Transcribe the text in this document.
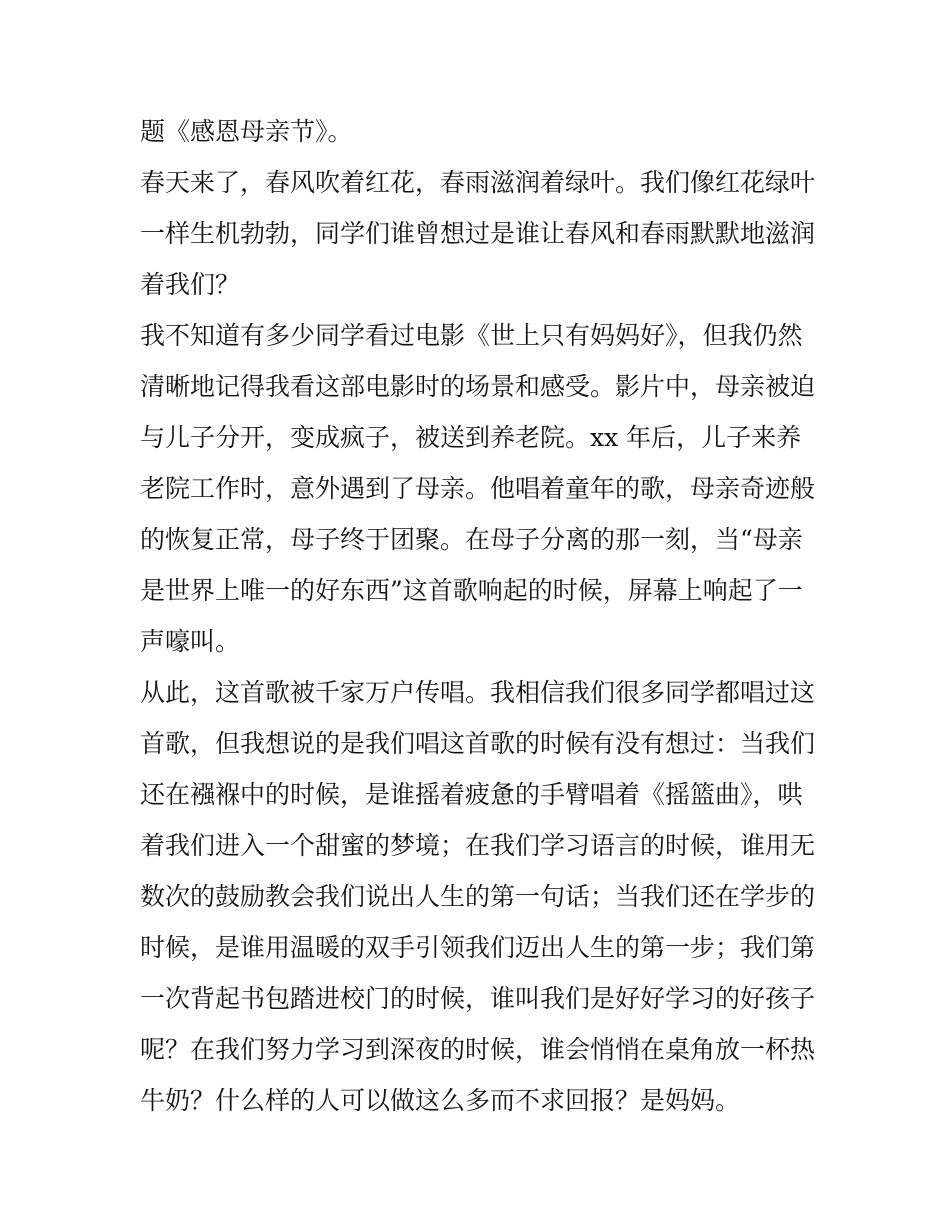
题《感恩母亲节》。

春天来了，春风吹着红花，春雨滋润着绿叶。我们像红花绿叶

一样生机勃勃，同学们谁曾想过是谁让春风和春雨默默地滋润

着我们？

我不知道有多少同学看过电影《世上只有妈妈好》，但我仍然

清晰地记得我看这部电影时的场景和感受。影片中，母亲被迫

与儿子分开，变成疯子，被送到养老院。xx 年后，儿子来养

老院工作时，意外遇到了母亲。他唱着童年的歌，母亲奇迹般

的恢复正常，母子终于团聚。在母子分离的那一刻，当“母亲

是世界上唯一的好东西”这首歌响起的时候，屏幕上响起了一

声嚎叫。

从此，这首歌被千家万户传唱。我相信我们很多同学都唱过这

首歌，但我想说的是我们唱这首歌的时候有没有想过：当我们

还在襁褓中的时候，是谁摇着疲惫的手臂唱着《摇篮曲》，哄

着我们进入一个甜蜜的梦境；在我们学习语言的时候，谁用无

数次的鼓励教会我们说出人生的第一句话；当我们还在学步的

时候，是谁用温暖的双手引领我们迈出人生的第一步；我们第

一次背起书包踏进校门的时候，谁叫我们是好好学习的好孩子

呢？在我们努力学习到深夜的时候，谁会悄悄在桌角放一杯热

牛奶？什么样的人可以做这么多而不求回报？是妈妈。
